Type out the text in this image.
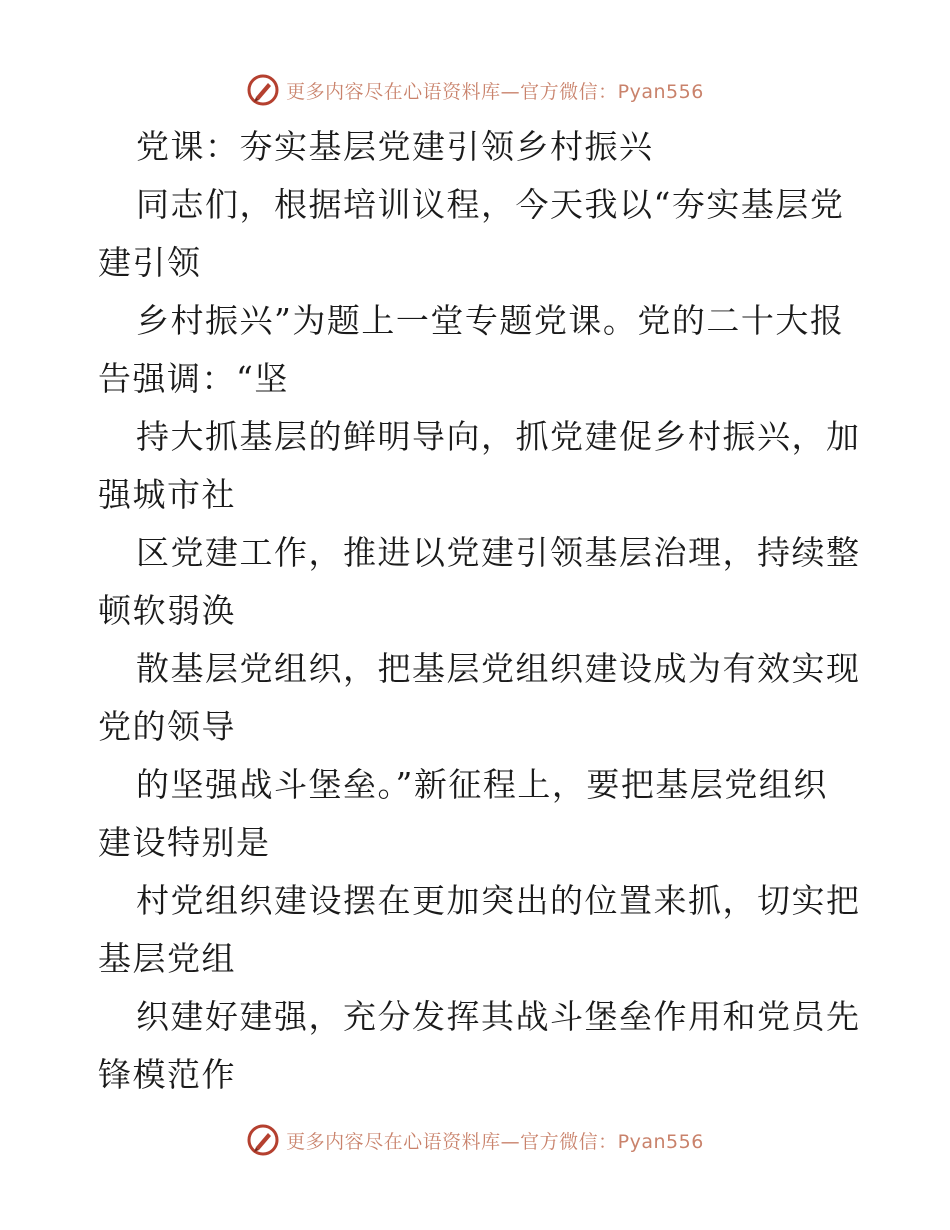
更多内容尽在心语资料库—官方微信：Pyan556
党课：夯实基层党建引领乡村振兴
同志们，根据培训议程，今天我以“夯实基层党
建引领
乡村振兴”为题上一堂专题党课。党的二十大报
告强调：“坚
持大抓基层的鲜明导向，抓党建促乡村振兴，加
强城市社
区党建工作，推进以党建引领基层治理，持续整
顿软弱涣
散基层党组织，把基层党组织建设成为有效实现
党的领导
的坚强战斗堡垒。”新征程上，要把基层党组织
建设特别是
村党组织建设摆在更加突出的位置来抓，切实把
基层党组
织建好建强，充分发挥其战斗堡垒作用和党员先
锋模范作
更多内容尽在心语资料库—官方微信：Pyan556
